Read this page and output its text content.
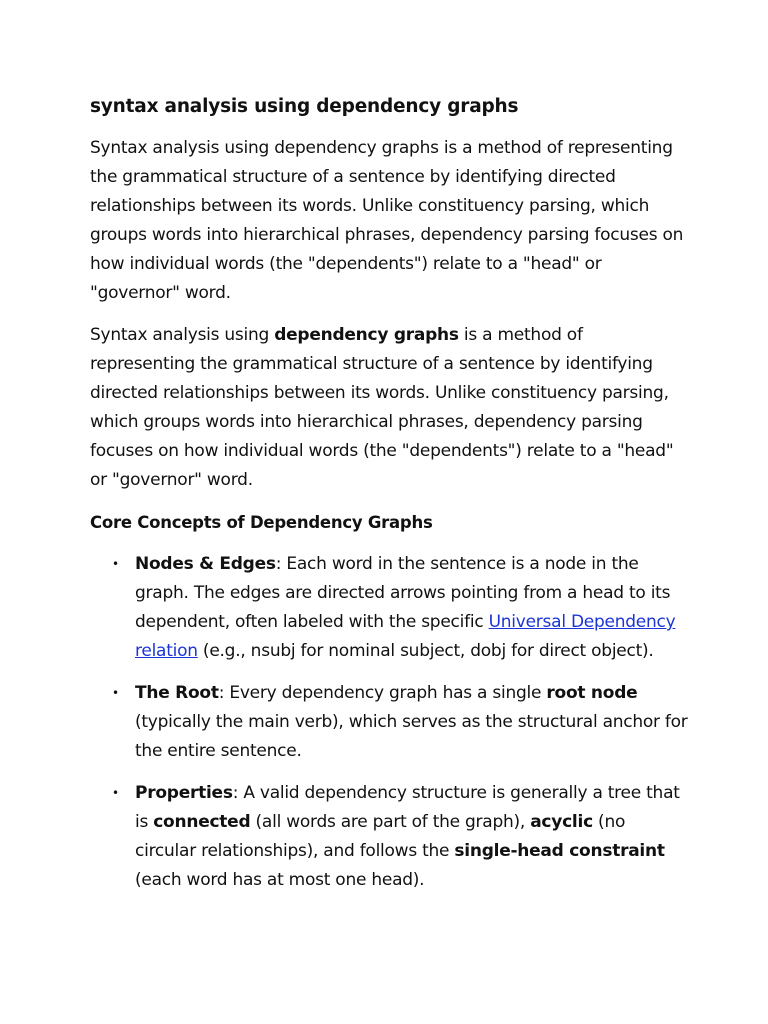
syntax analysis using dependency graphs

Syntax analysis using dependency graphs is a method of representing the grammatical structure of a sentence by identifying directed relationships between its words. Unlike constituency parsing, which groups words into hierarchical phrases, dependency parsing focuses on how individual words (the "dependents") relate to a "head" or "governor" word.

Syntax analysis using dependency graphs is a method of representing the grammatical structure of a sentence by identifying directed relationships between its words. Unlike constituency parsing, which groups words into hierarchical phrases, dependency parsing focuses on how individual words (the "dependents") relate to a "head" or "governor" word.

Core Concepts of Dependency Graphs
• Nodes & Edges: Each word in the sentence is a node in the graph. The edges are directed arrows pointing from a head to its dependent, often labeled with the specific Universal Dependency relation (e.g., nsubj for nominal subject, dobj for direct object).
• The Root: Every dependency graph has a single root node (typically the main verb), which serves as the structural anchor for the entire sentence.
• Properties: A valid dependency structure is generally a tree that is connected (all words are part of the graph), acyclic (no circular relationships), and follows the single-head constraint (each word has at most one head).
